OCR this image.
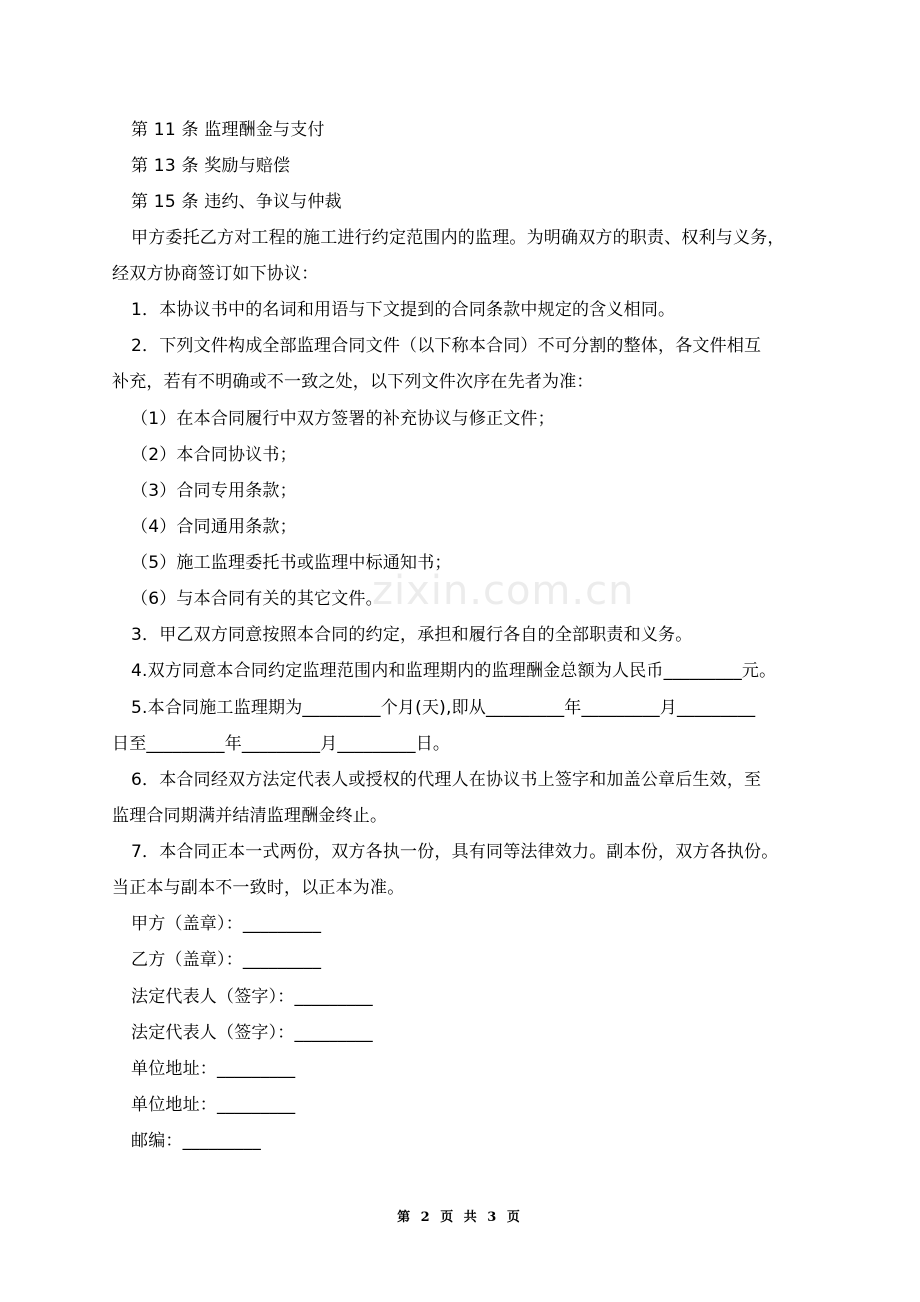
zixin.com.cn
第 11 条 监理酬金与支付
第 13 条 奖励与赔偿
第 15 条 违约、争议与仲裁
甲方委托乙方对工程的施工进行约定范围内的监理。为明确双方的职责、权利与义务，
经双方协商签订如下协议：
1．本协议书中的名词和用语与下文提到的合同条款中规定的含义相同。
2．下列文件构成全部监理合同文件（以下称本合同）不可分割的整体，各文件相互
补充，若有不明确或不一致之处，以下列文件次序在先者为准：
（1）在本合同履行中双方签署的补充协议与修正文件；
（2）本合同协议书；
（3）合同专用条款；
（4）合同通用条款；
（5）施工监理委托书或监理中标通知书；
（6）与本合同有关的其它文件。
3．甲乙双方同意按照本合同的约定，承担和履行各自的全部职责和义务。
4.双方同意本合同约定监理范围内和监理期内的监理酬金总额为人民币_________元。
5.本合同施工监理期为_________个月(天),即从_________年_________月_________
日至_________年_________月_________日。
6．本合同经双方法定代表人或授权的代理人在协议书上签字和加盖公章后生效，至
监理合同期满并结清监理酬金终止。
7．本合同正本一式两份，双方各执一份，具有同等法律效力。副本份，双方各执份。
当正本与副本不一致时，以正本为准。
甲方（盖章）：_________
乙方（盖章）：_________
法定代表人（签字）：_________
法定代表人（签字）：_________
单位地址：_________
单位地址：_________
邮编：_________
第 2 页 共 3 页
